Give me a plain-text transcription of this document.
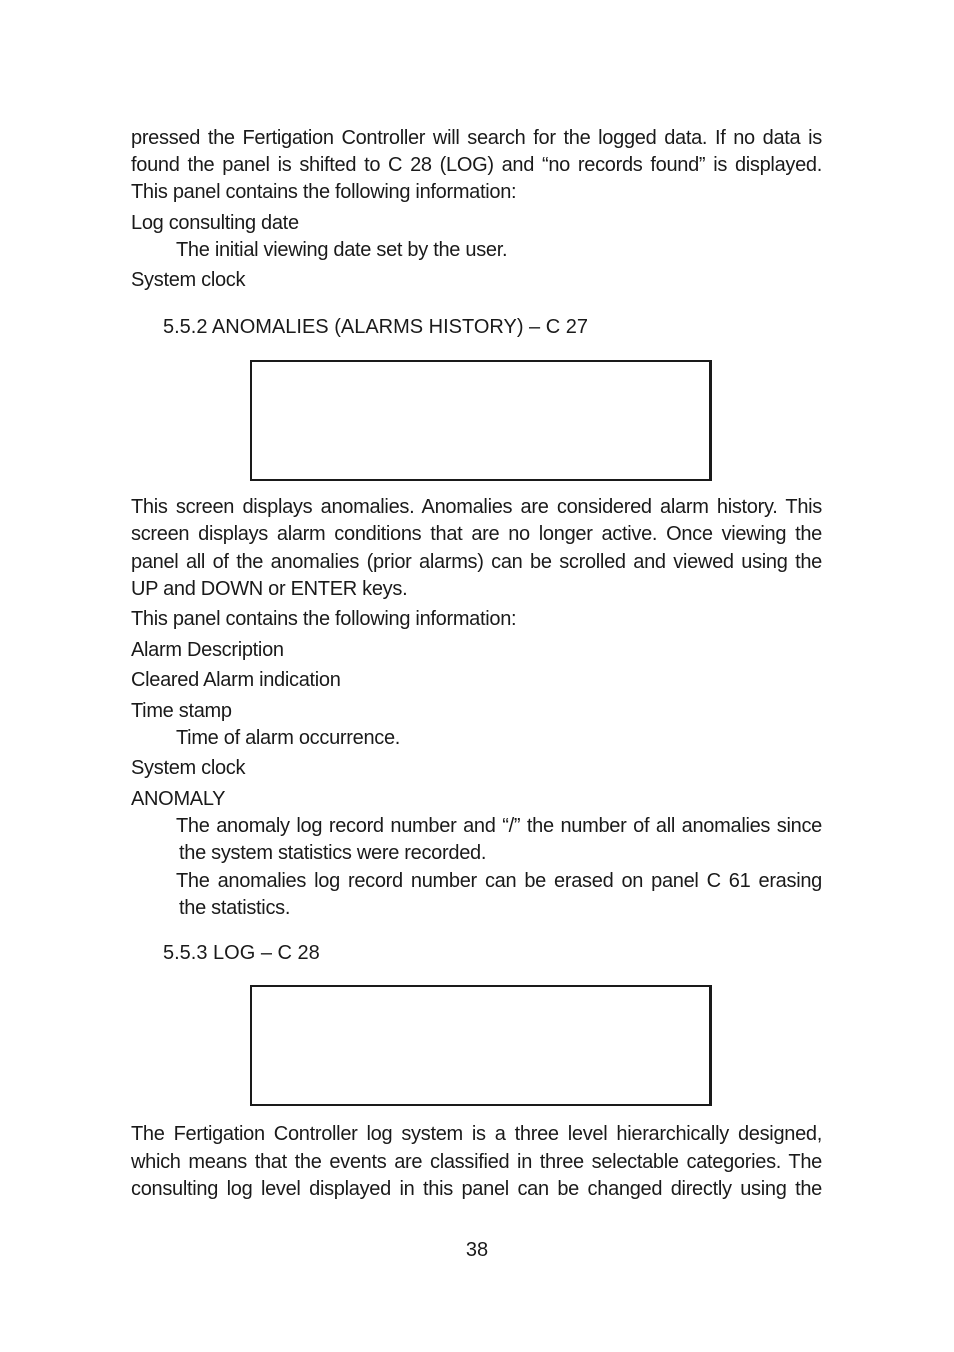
pressed the Fertigation Controller will search for the logged data. If no data is
found the panel is shifted to C 28 (LOG) and “no records found” is displayed.
This panel contains the following information:
Log consulting date
The initial viewing date set by the user.
System clock
5.5.2 ANOMALIES (ALARMS HISTORY) – C 27
This screen displays anomalies. Anomalies are considered alarm history. This
screen displays alarm conditions that are no longer active. Once viewing the
panel all of the anomalies (prior alarms) can be scrolled and viewed using the
UP and DOWN or ENTER keys.
This panel contains the following information:
Alarm Description
Cleared Alarm indication
Time stamp
Time of alarm occurrence.
System clock
ANOMALY
The anomaly log record number and “/” the number of all anomalies since
the system statistics were recorded.
The anomalies log record number can be erased on panel C 61 erasing
the statistics.
5.5.3 LOG – C 28
The Fertigation Controller log system is a three level hierarchically designed,
which means that the events are classified in three selectable categories. The
consulting log level displayed in this panel can be changed directly using the
38
